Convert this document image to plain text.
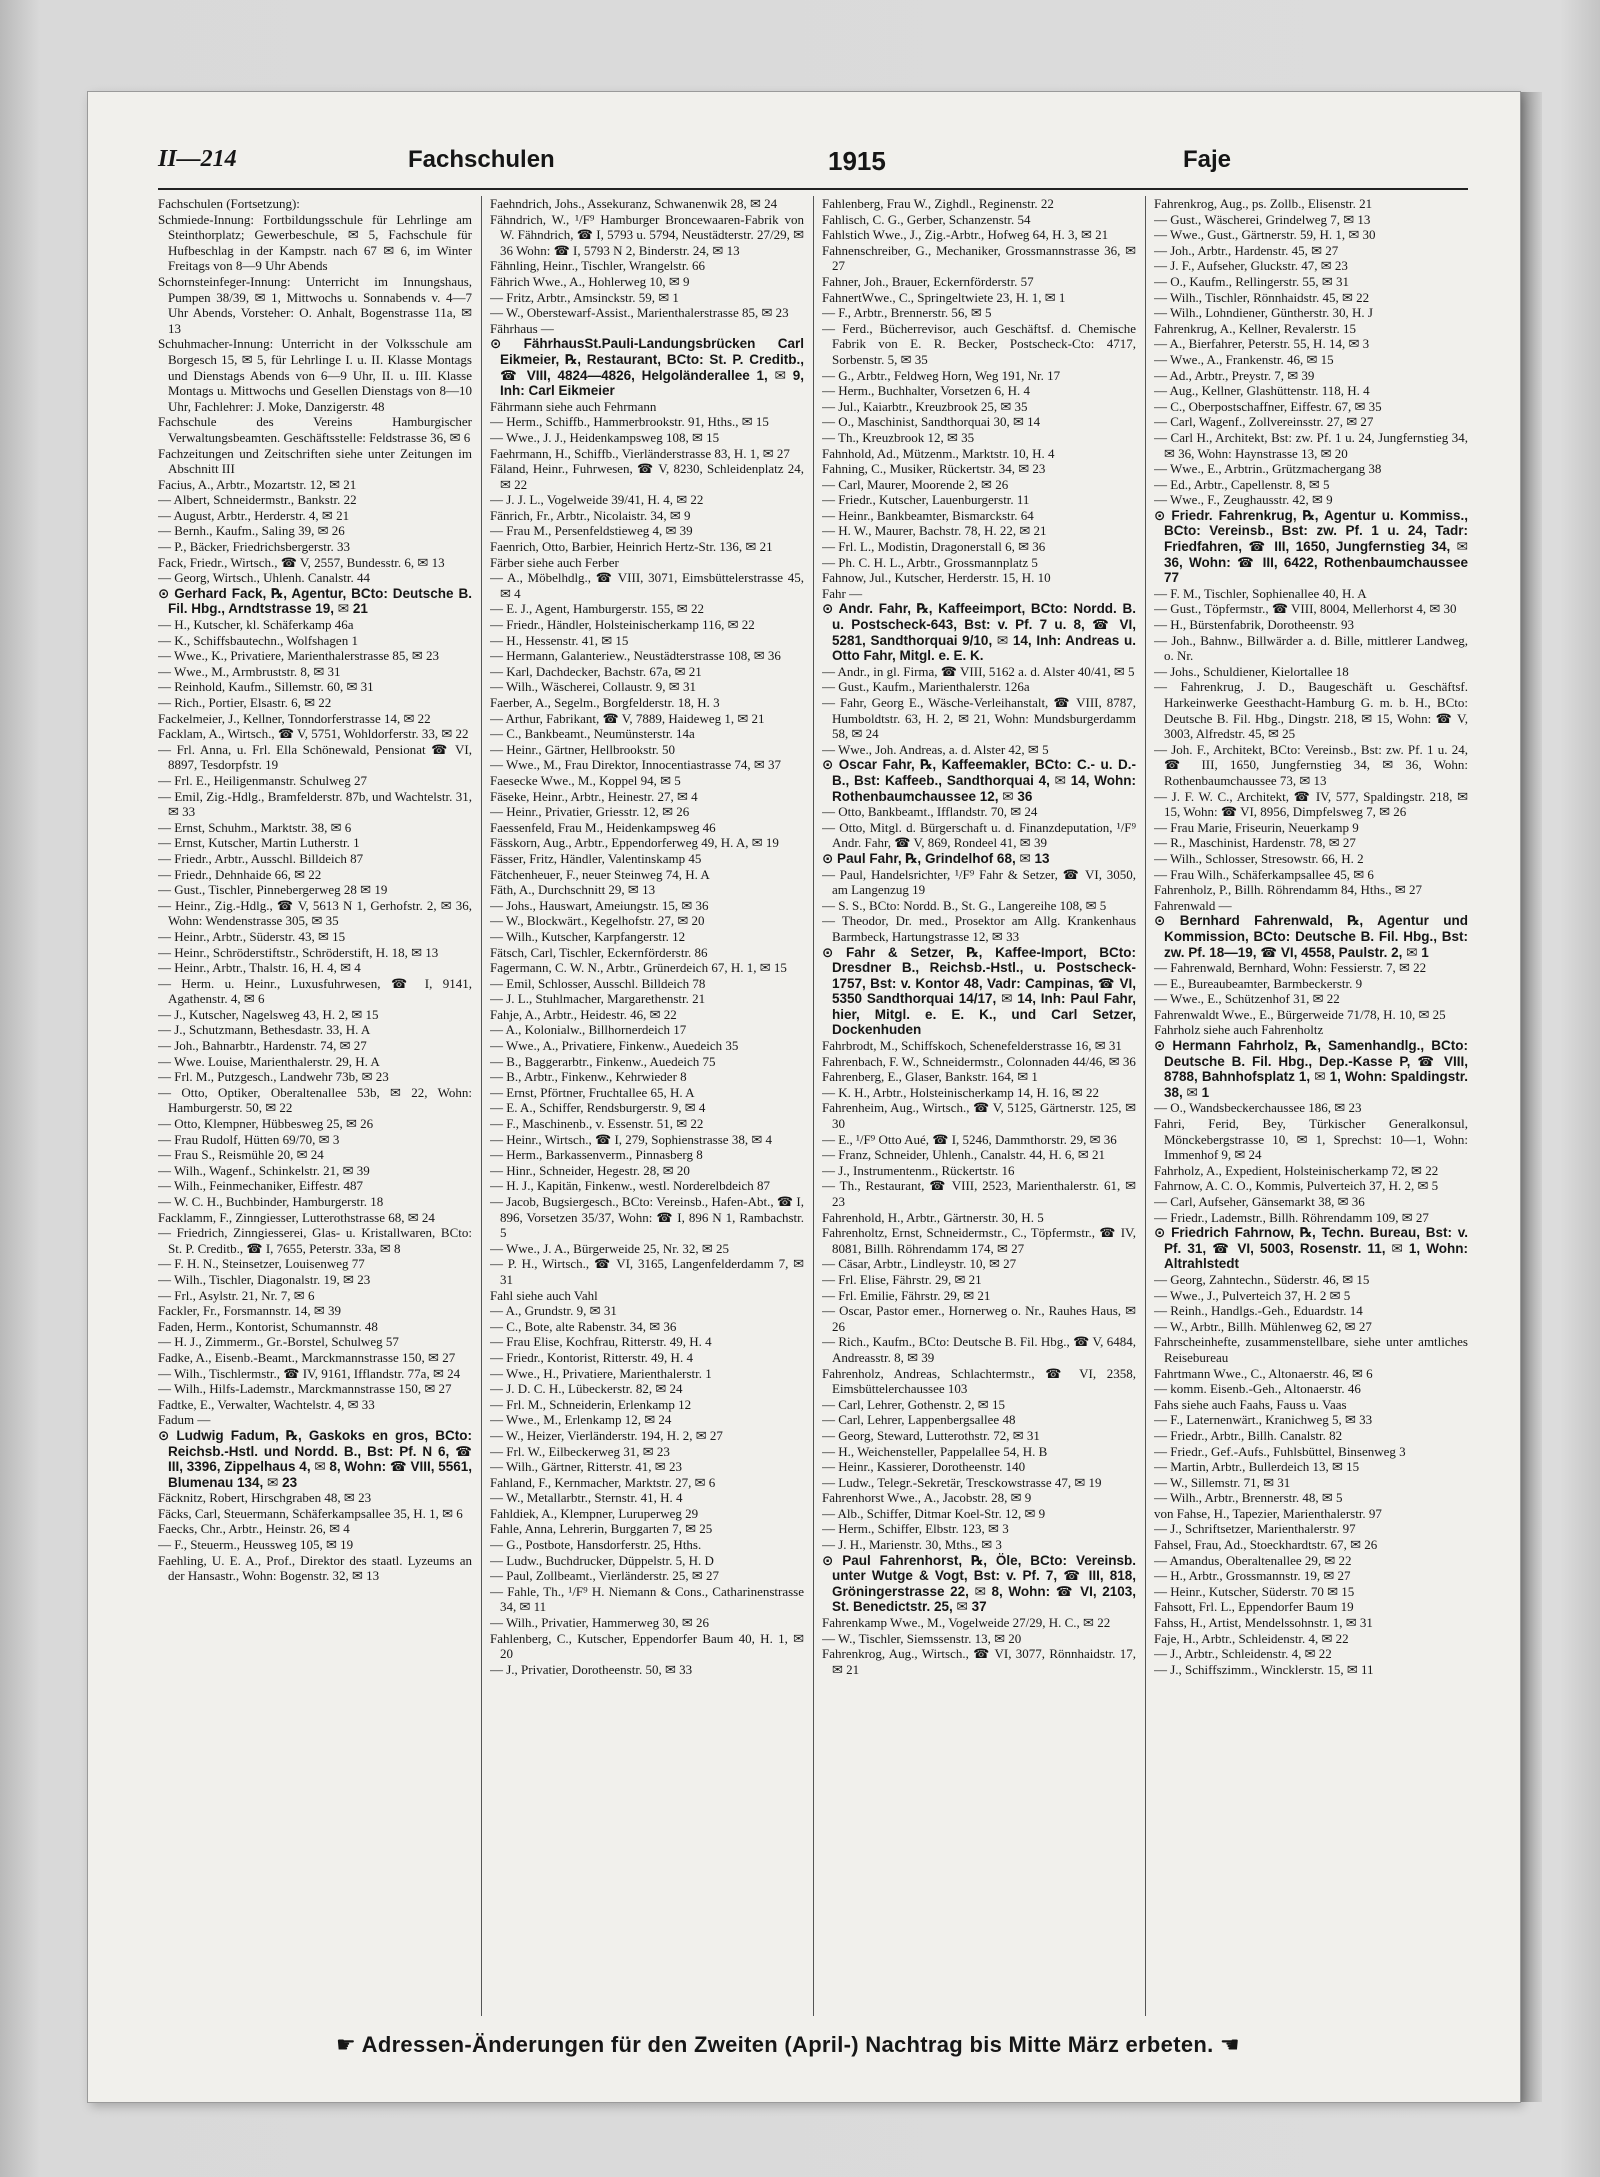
II—214	Fachschulen	1915	Faje

Fachschulen (Fortsetzung):

Schmiede-Innung: Fortbildungsschule für Lehrlinge am Steinthorplatz; Gewerbeschule, ✉ 5, Fachschule für Hufbeschlag in der Kampstr. nach 67 ✉ 6, im Winter Freitags von 8—9 Uhr Abends

Schornsteinfeger-Innung: Unterricht im Innungshaus, Pumpen 38/39, ✉ 1, Mittwochs u. Sonnabends v. 4—7 Uhr Abends, Vorsteher: O. Anhalt, Bogenstrasse 11a, ✉ 13

Schuhmacher-Innung: Unterricht in der Volksschule am Borgesch 15, ✉ 5, für Lehrlinge I. u. II. Klasse Montags und Dienstags Abends von 6—9 Uhr, II. u. III. Klasse Montags u. Mittwochs und Gesellen Dienstags von 8—10 Uhr, Fachlehrer: J. Moke, Danzigerstr. 48

Fachschule des Vereins Hamburgischer Verwaltungsbeamten. Geschäftsstelle: Feldstrasse 36, ✉ 6

Fachzeitungen und Zeitschriften siehe unter Zeitungen im Abschnitt III

Facius, A., Arbtr., Mozartstr. 12, ✉ 21

— Albert, Schneidermstr., Bankstr. 22

— August, Arbtr., Herderstr. 4, ✉ 21

— Bernh., Kaufm., Saling 39, ✉ 26

— P., Bäcker, Friedrichsbergerstr. 33

Fack, Friedr., Wirtsch., ☎ V, 2557, Bundesstr. 6, ✉ 13

— Georg, Wirtsch., Uhlenh. Canalstr. 44

⊙ Gerhard Fack, ℞, Agentur, BCto: Deutsche B. Fil. Hbg., Arndtstrasse 19, ✉ 21

— H., Kutscher, kl. Schäferkamp 46a

— K., Schiffsbautechn., Wolfshagen 1

— Wwe., K., Privatiere, Marienthalerstrasse 85, ✉ 23

— Wwe., M., Armbruststr. 8, ✉ 31

— Reinhold, Kaufm., Sillemstr. 60, ✉ 31

— Rich., Portier, Elsastr. 6, ✉ 22

Fackelmeier, J., Kellner, Tonndorferstrasse 14, ✉ 22

Facklam, A., Wirtsch., ☎ V, 5751, Wohldorferstr. 33, ✉ 22

— Frl. Anna, u. Frl. Ella Schönewald, Pensionat ☎ VI, 8897, Tesdorpfstr. 19

— Frl. E., Heiligenmanstr. Schulweg 27

— Emil, Zig.-Hdlg., Bramfelderstr. 87b, und Wachtelstr. 31, ✉ 33

— Ernst, Schuhm., Marktstr. 38, ✉ 6

— Ernst, Kutscher, Martin Lutherstr. 1

— Friedr., Arbtr., Ausschl. Billdeich 87

— Friedr., Dehnhaide 66, ✉ 22

— Gust., Tischler, Pinnebergerweg 28 ✉ 19

— Heinr., Zig.-Hdlg., ☎ V, 5613 N 1, Gerhofstr. 2, ✉ 36, Wohn: Wendenstrasse 305, ✉ 35

— Heinr., Arbtr., Süderstr. 43, ✉ 15

— Heinr., Schröderstiftstr., Schröderstift, H. 18, ✉ 13

— Heinr., Arbtr., Thalstr. 16, H. 4, ✉ 4

— Herm. u. Heinr., Luxusfuhrwesen, ☎ I, 9141, Agathenstr. 4, ✉ 6

— J., Kutscher, Nagelsweg 43, H. 2, ✉ 15

— J., Schutzmann, Bethesdastr. 33, H. A

— Joh., Bahnarbtr., Hardenstr. 74, ✉ 27

— Wwe. Louise, Marienthalerstr. 29, H. A

— Frl. M., Putzgesch., Landwehr 73b, ✉ 23

— Otto, Optiker, Oberaltenallee 53b, ✉ 22, Wohn: Hamburgerstr. 50, ✉ 22

— Otto, Klempner, Hübbesweg 25, ✉ 26

— Frau Rudolf, Hütten 69/70, ✉ 3

— Frau S., Reismühle 20, ✉ 24

— Wilh., Wagenf., Schinkelstr. 21, ✉ 39

— Wilh., Feinmechaniker, Eiffestr. 487

— W. C. H., Buchbinder, Hamburgerstr. 18

Facklamm, F., Zinngiesser, Lutterothstrasse 68, ✉ 24

— Friedrich, Zinngiesserei, Glas- u. Kristallwaren, BCto: St. P. Creditb., ☎ I, 7655, Peterstr. 33a, ✉ 8

— F. H. N., Steinsetzer, Louisenweg 77

— Wilh., Tischler, Diagonalstr. 19, ✉ 23

— Frl., Asylstr. 21, Nr. 7, ✉ 6

Fackler, Fr., Forsmannstr. 14, ✉ 39

Faden, Herm., Kontorist, Schumannstr. 48

— H. J., Zimmerm., Gr.-Borstel, Schulweg 57

Fadke, A., Eisenb.-Beamt., Marckmannstrasse 150, ✉ 27

— Wilh., Tischlermstr., ☎ IV, 9161, Ifflandstr. 77a, ✉ 24

— Wilh., Hilfs-Lademstr., Marckmannstrasse 150, ✉ 27

Fadtke, E., Verwalter, Wachtelstr. 4, ✉ 33

Fadum —

⊙ Ludwig Fadum, ℞, Gaskoks en gros, BCto: Reichsb.-Hstl. und Nordd. B., Bst: Pf. N 6, ☎ III, 3396, Zippelhaus 4, ✉ 8, Wohn: ☎ VIII, 5561, Blumenau 134, ✉ 23

Fäcknitz, Robert, Hirschgraben 48, ✉ 23

Fäcks, Carl, Steuermann, Schäferkampsallee 35, H. 1, ✉ 6

Faecks, Chr., Arbtr., Heinstr. 26, ✉ 4

— F., Steuerm., Heussweg 105, ✉ 19

Faehling, U. E. A., Prof., Direktor des staatl. Lyzeums an der Hansastr., Wohn: Bogenstr. 32, ✉ 13

Faehndrich, Johs., Assekuranz, Schwanenwik 28, ✉ 24

Fähndrich, W., ¹/F⁹ Hamburger Broncewaaren-Fabrik von W. Fähndrich, ☎ I, 5793 u. 5794, Neustädterstr. 27/29, ✉ 36 Wohn: ☎ I, 5793 N 2, Binderstr. 24, ✉ 13

Fähnling, Heinr., Tischler, Wrangelstr. 66

Fährich Wwe., A., Hohlerweg 10, ✉ 9

— Fritz, Arbtr., Amsinckstr. 59, ✉ 1

— W., Oberstewarf-Assist., Marienthalerstrasse 85, ✉ 23

Fährhaus —

⊙ FährhausSt.Pauli-Landungsbrücken Carl Eikmeier, ℞, Restaurant, BCto: St. P. Creditb., ☎ VIII, 4824—4826, Helgoländerallee 1, ✉ 9, Inh: Carl Eikmeier

Fährmann siehe auch Fehrmann

— Herm., Schiffb., Hammerbrookstr. 91, Hths., ✉ 15

— Wwe., J. J., Heidenkampsweg 108, ✉ 15

Faehrmann, H., Schiffb., Vierländerstrasse 83, H. 1, ✉ 27

Fäland, Heinr., Fuhrwesen, ☎ V, 8230, Schleidenplatz 24, ✉ 22

— J. J. L., Vogelweide 39/41, H. 4, ✉ 22

Fänrich, Fr., Arbtr., Nicolaistr. 34, ✉ 9

— Frau M., Persenfeldstieweg 4, ✉ 39

Faenrich, Otto, Barbier, Heinrich Hertz-Str. 136, ✉ 21

Färber siehe auch Ferber

— A., Möbelhdlg., ☎ VIII, 3071, Eimsbüttelerstrasse 45, ✉ 4

— E. J., Agent, Hamburgerstr. 155, ✉ 22

— Friedr., Händler, Holsteinischerkamp 116, ✉ 22

— H., Hessenstr. 41, ✉ 15

— Hermann, Galanteriew., Neustädterstrasse 108, ✉ 36

— Karl, Dachdecker, Bachstr. 67a, ✉ 21

— Wilh., Wäscherei, Collaustr. 9, ✉ 31

Faerber, A., Segelm., Borgfelderstr. 18, H. 3

— Arthur, Fabrikant, ☎ V, 7889, Haideweg 1, ✉ 21

— C., Bankbeamt., Neumünsterstr. 14a

— Heinr., Gärtner, Hellbrookstr. 50

— Wwe., M., Frau Direktor, Innocentiastrasse 74, ✉ 37

Faesecke Wwe., M., Koppel 94, ✉ 5

Fäseke, Heinr., Arbtr., Heinestr. 27, ✉ 4

— Heinr., Privatier, Griesstr. 12, ✉ 26

Faessenfeld, Frau M., Heidenkampsweg 46

Fässkorn, Aug., Arbtr., Eppendorferweg 49, H. A, ✉ 19

Fässer, Fritz, Händler, Valentinskamp 45

Fätchenheuer, F., neuer Steinweg 74, H. A

Fäth, A., Durchschnitt 29, ✉ 13

— Johs., Hauswart, Ameiungstr. 15, ✉ 36

— W., Blockwärt., Kegelhofstr. 27, ✉ 20

— Wilh., Kutscher, Karpfangerstr. 12

Fätsch, Carl, Tischler, Eckernförderstr. 86

Fagermann, C. W. N., Arbtr., Grünerdeich 67, H. 1, ✉ 15

— Emil, Schlosser, Ausschl. Billdeich 78

— J. L., Stuhlmacher, Margarethenstr. 21

Fahje, A., Arbtr., Heidestr. 46, ✉ 22

— A., Kolonialw., Billhornerdeich 17

— Wwe., A., Privatiere, Finkenw., Auedeich 35

— B., Baggerarbtr., Finkenw., Auedeich 75

— B., Arbtr., Finkenw., Kehrwieder 8

— Ernst, Pförtner, Fruchtallee 65, H. A

— E. A., Schiffer, Rendsburgerstr. 9, ✉ 4

— F., Maschinenb., v. Essenstr. 51, ✉ 22

— Heinr., Wirtsch., ☎ I, 279, Sophienstrasse 38, ✉ 4

— Herm., Barkassenverm., Pinnasberg 8

— Hinr., Schneider, Hegestr. 28, ✉ 20

— H. J., Kapitän, Finkenw., westl. Norderelbdeich 87

— Jacob, Bugsiergesch., BCto: Vereinsb., Hafen-Abt., ☎ I, 896, Vorsetzen 35/37, Wohn: ☎ I, 896 N 1, Rambachstr. 5

— Wwe., J. A., Bürgerweide 25, Nr. 32, ✉ 25

— P. H., Wirtsch., ☎ VI, 3165, Langenfelderdamm 7, ✉ 31

Fahl siehe auch Vahl

— A., Grundstr. 9, ✉ 31

— C., Bote, alte Rabenstr. 34, ✉ 36

— Frau Elise, Kochfrau, Ritterstr. 49, H. 4

— Friedr., Kontorist, Ritterstr. 49, H. 4

— Wwe., H., Privatiere, Marienthalerstr. 1

— J. D. C. H., Lübeckerstr. 82, ✉ 24

— Frl. M., Schneiderin, Erlenkamp 12

— Wwe., M., Erlenkamp 12, ✉ 24

— W., Heizer, Vierländerstr. 194, H. 2, ✉ 27

— Frl. W., Eilbeckerweg 31, ✉ 23

— Wilh., Gärtner, Ritterstr. 41, ✉ 23

Fahland, F., Kernmacher, Marktstr. 27, ✉ 6

— W., Metallarbtr., Sternstr. 41, H. 4

Fahldiek, A., Klempner, Luruperweg 29

Fahle, Anna, Lehrerin, Burggarten 7, ✉ 25

— G., Postbote, Hansdorferstr. 25, Hths.

— Ludw., Buchdrucker, Düppelstr. 5, H. D

— Paul, Zollbeamt., Vierländerstr. 25, ✉ 27

— Fahle, Th., ¹/F⁹ H. Niemann & Cons., Catharinenstrasse 34, ✉ 11

— Wilh., Privatier, Hammerweg 30, ✉ 26

Fahlenberg, C., Kutscher, Eppendorfer Baum 40, H. 1, ✉ 20

— J., Privatier, Dorotheenstr. 50, ✉ 33

Fahlenberg, Frau W., Zighdl., Reginenstr. 22

Fahlisch, C. G., Gerber, Schanzenstr. 54

Fahlstich Wwe., J., Zig.-Arbtr., Hofweg 64, H. 3, ✉ 21

Fahnenschreiber, G., Mechaniker, Grossmannstrasse 36, ✉ 27

Fahner, Joh., Brauer, Eckernförderstr. 57

FahnertWwe., C., Springeltwiete 23, H. 1, ✉ 1

— F., Arbtr., Brennerstr. 56, ✉ 5

— Ferd., Bücherrevisor, auch Geschäftsf. d. Chemische Fabrik von E. R. Becker, Postscheck-Cto: 4717, Sorbenstr. 5, ✉ 35

— G., Arbtr., Feldweg Horn, Weg 191, Nr. 17

— Herm., Buchhalter, Vorsetzen 6, H. 4

— Jul., Kaiarbtr., Kreuzbrook 25, ✉ 35

— O., Maschinist, Sandthorquai 30, ✉ 14

— Th., Kreuzbrook 12, ✉ 35

Fahnhold, Ad., Mützenm., Marktstr. 10, H. 4

Fahning, C., Musiker, Rückertstr. 34, ✉ 23

— Carl, Maurer, Moorende 2, ✉ 26

— Friedr., Kutscher, Lauenburgerstr. 11

— Heinr., Bankbeamter, Bismarckstr. 64

— H. W., Maurer, Bachstr. 78, H. 22, ✉ 21

— Frl. L., Modistin, Dragonerstall 6, ✉ 36

— Ph. C. H. L., Arbtr., Grossmannplatz 5

Fahnow, Jul., Kutscher, Herderstr. 15, H. 10

Fahr —

⊙ Andr. Fahr, ℞, Kaffeeimport, BCto: Nordd. B. u. Postscheck-643, Bst: v. Pf. 7 u. 8, ☎ VI, 5281, Sandthorquai 9/10, ✉ 14, Inh: Andreas u. Otto Fahr, Mitgl. e. E. K.

— Andr., in gl. Firma, ☎ VIII, 5162 a. d. Alster 40/41, ✉ 5

— Gust., Kaufm., Marienthalerstr. 126a

— Fahr, Georg E., Wäsche-Verleihanstalt, ☎ VIII, 8787, Humboldtstr. 63, H. 2, ✉ 21, Wohn: Mundsburgerdamm 58, ✉ 24

— Wwe., Joh. Andreas, a. d. Alster 42, ✉ 5

⊙ Oscar Fahr, ℞, Kaffeemakler, BCto: C.- u. D.-B., Bst: Kaffeeb., Sandthorquai 4, ✉ 14, Wohn: Rothenbaumchaussee 12, ✉ 36

— Otto, Bankbeamt., Ifflandstr. 70, ✉ 24

— Otto, Mitgl. d. Bürgerschaft u. d. Finanzdeputation, ¹/F⁹ Andr. Fahr, ☎ V, 869, Rondeel 41, ✉ 39

⊙ Paul Fahr, ℞, Grindelhof 68, ✉ 13

— Paul, Handelsrichter, ¹/F⁹ Fahr & Setzer, ☎ VI, 3050, am Langenzug 19

— S. S., BCto: Nordd. B., St. G., Langereihe 108, ✉ 5

— Theodor, Dr. med., Prosektor am Allg. Krankenhaus Barmbeck, Hartungstrasse 12, ✉ 33

⊙ Fahr & Setzer, ℞, Kaffee-Import, BCto: Dresdner B., Reichsb.-Hstl., u. Postscheck- 1757, Bst: v. Kontor 48, Vadr: Campinas, ☎ VI, 5350 Sandthorquai 14/17, ✉ 14, Inh: Paul Fahr, hier, Mitgl. e. E. K., und Carl Setzer, Dockenhuden

Fahrbrodt, M., Schiffskoch, Schenefelderstrasse 16, ✉ 31

Fahrenbach, F. W., Schneidermstr., Colonnaden 44/46, ✉ 36

Fahrenberg, E., Glaser, Bankstr. 164, ✉ 1

— K. H., Arbtr., Holsteinischerkamp 14, H. 16, ✉ 22

Fahrenheim, Aug., Wirtsch., ☎ V, 5125, Gärtnerstr. 125, ✉ 30

— E., ¹/F⁹ Otto Aué, ☎ I, 5246, Dammthorstr. 29, ✉ 36

— Franz, Schneider, Uhlenh., Canalstr. 44, H. 6, ✉ 21

— J., Instrumentenm., Rückertstr. 16

— Th., Restaurant, ☎ VIII, 2523, Marienthalerstr. 61, ✉ 23

Fahrenhold, H., Arbtr., Gärtnerstr. 30, H. 5

Fahrenholtz, Ernst, Schneidermstr., C., Töpfermstr., ☎ IV, 8081, Billh. Röhrendamm 174, ✉ 27

— Cäsar, Arbtr., Lindleystr. 10, ✉ 27

— Frl. Elise, Fährstr. 29, ✉ 21

— Frl. Emilie, Fährstr. 29, ✉ 21

— Oscar, Pastor emer., Hornerweg o. Nr., Rauhes Haus, ✉ 26

— Rich., Kaufm., BCto: Deutsche B. Fil. Hbg., ☎ V, 6484, Andreasstr. 8, ✉ 39

Fahrenholz, Andreas, Schlachtermstr., ☎ VI, 2358, Eimsbüttelerchaussee 103

— Carl, Lehrer, Gothenstr. 2, ✉ 15

— Carl, Lehrer, Lappenbergsallee 48

— Georg, Steward, Lutterothstr. 72, ✉ 31

— H., Weichensteller, Pappelallee 54, H. B

— Heinr., Kassierer, Dorotheenstr. 140

— Ludw., Telegr.-Sekretär, Tresckowstrasse 47, ✉ 19

Fahrenhorst Wwe., A., Jacobstr. 28, ✉ 9

— Alb., Schiffer, Ditmar Koel-Str. 12, ✉ 9

— Herm., Schiffer, Elbstr. 123, ✉ 3

— J. H., Marienstr. 30, Mths., ✉ 3

⊙ Paul Fahrenhorst, ℞, Öle, BCto: Vereinsb. unter Wutge & Vogt, Bst: v. Pf. 7, ☎ III, 818, Gröningerstrasse 22, ✉ 8, Wohn: ☎ VI, 2103, St. Benedictstr. 25, ✉ 37

Fahrenkamp Wwe., M., Vogelweide 27/29, H. C., ✉ 22

— W., Tischler, Siemssenstr. 13, ✉ 20

Fahrenkrog, Aug., Wirtsch., ☎ VI, 3077, Rönnhaidstr. 17, ✉ 21

Fahrenkrog, Aug., ps. Zollb., Elisenstr. 21

— Gust., Wäscherei, Grindelweg 7, ✉ 13

— Wwe., Gust., Gärtnerstr. 59, H. 1, ✉ 30

— Joh., Arbtr., Hardenstr. 45, ✉ 27

— J. F., Aufseher, Gluckstr. 47, ✉ 23

— O., Kaufm., Rellingerstr. 55, ✉ 31

— Wilh., Tischler, Rönnhaidstr. 45, ✉ 22

— Wilh., Lohndiener, Güntherstr. 30, H. J

Fahrenkrug, A., Kellner, Revalerstr. 15

— A., Bierfahrer, Peterstr. 55, H. 14, ✉ 3

— Wwe., A., Frankenstr. 46, ✉ 15

— Ad., Arbtr., Preystr. 7, ✉ 39

— Aug., Kellner, Glashüttenstr. 118, H. 4

— C., Oberpostschaffner, Eiffestr. 67, ✉ 35

— Carl, Wagenf., Zollvereinsstr. 27, ✉ 27

— Carl H., Architekt, Bst: zw. Pf. 1 u. 24, Jungfernstieg 34, ✉ 36, Wohn: Haynstrasse 13, ✉ 20

— Wwe., E., Arbtrin., Grützmachergang 38

— Ed., Arbtr., Capellenstr. 8, ✉ 5

— Wwe., F., Zeughausstr. 42, ✉ 9

⊙ Friedr. Fahrenkrug, ℞, Agentur u. Kommiss., BCto: Vereinsb., Bst: zw. Pf. 1 u. 24, Tadr: Friedfahren, ☎ III, 1650, Jungfernstieg 34, ✉ 36, Wohn: ☎ III, 6422, Rothenbaumchaussee 77

— F. M., Tischler, Sophienallee 40, H. A

— Gust., Töpfermstr., ☎ VIII, 8004, Mellerhorst 4, ✉ 30

— H., Bürstenfabrik, Dorotheenstr. 93

— Joh., Bahnw., Billwärder a. d. Bille, mittlerer Landweg, o. Nr.

— Johs., Schuldiener, Kielortallee 18

— Fahrenkrug, J. D., Baugeschäft u. Geschäftsf. Harkeinwerke Geesthacht-Hamburg G. m. b. H., BCto: Deutsche B. Fil. Hbg., Dingstr. 218, ✉ 15, Wohn: ☎ V, 3003, Alfredstr. 45, ✉ 25

— Joh. F., Architekt, BCto: Vereinsb., Bst: zw. Pf. 1 u. 24, ☎ III, 1650, Jungfernstieg 34, ✉ 36, Wohn: Rothenbaumchaussee 73, ✉ 13

— J. F. W. C., Architekt, ☎ IV, 577, Spaldingstr. 218, ✉ 15, Wohn: ☎ VI, 8956, Dimpfelsweg 7, ✉ 26

— Frau Marie, Friseurin, Neuerkamp 9

— R., Maschinist, Hardenstr. 78, ✉ 27

— Wilh., Schlosser, Stresowstr. 66, H. 2

— Frau Wilh., Schäferkampsallee 45, ✉ 6

Fahrenholz, P., Billh. Röhrendamm 84, Hths., ✉ 27

Fahrenwald —

⊙ Bernhard Fahrenwald, ℞, Agentur und Kommission, BCto: Deutsche B. Fil. Hbg., Bst: zw. Pf. 18—19, ☎ VI, 4558, Paulstr. 2, ✉ 1

— Fahrenwald, Bernhard, Wohn: Fessierstr. 7, ✉ 22

— E., Bureaubeamter, Barmbeckerstr. 9

— Wwe., E., Schützenhof 31, ✉ 22

Fahrenwaldt Wwe., E., Bürgerweide 71/78, H. 10, ✉ 25

Fahrholz siehe auch Fahrenholtz

⊙ Hermann Fahrholz, ℞, Samenhandlg., BCto: Deutsche B. Fil. Hbg., Dep.-Kasse P, ☎ VIII, 8788, Bahnhofsplatz 1, ✉ 1, Wohn: Spaldingstr. 38, ✉ 1

— O., Wandsbeckerchaussee 186, ✉ 23

Fahri, Ferid, Bey, Türkischer Generalkonsul, Mönckebergstrasse 10, ✉ 1, Sprechst: 10—1, Wohn: Immenhof 9, ✉ 24

Fahrholz, A., Expedient, Holsteinischerkamp 72, ✉ 22

Fahrnow, A. C. O., Kommis, Pulverteich 37, H. 2, ✉ 5

— Carl, Aufseher, Gänsemarkt 38, ✉ 36

— Friedr., Lademstr., Billh. Röhrendamm 109, ✉ 27

⊙ Friedrich Fahrnow, ℞, Techn. Bureau, Bst: v. Pf. 31, ☎ VI, 5003, Rosenstr. 11, ✉ 1, Wohn: Altrahlstedt

— Georg, Zahntechn., Süderstr. 46, ✉ 15

— Wwe., J., Pulverteich 37, H. 2 ✉ 5

— Reinh., Handlgs.-Geh., Eduardstr. 14

— W., Arbtr., Billh. Mühlenweg 62, ✉ 27

Fahrscheinhefte, zusammenstellbare, siehe unter amtliches Reisebureau

Fahrtmann Wwe., C., Altonaerstr. 46, ✉ 6

— komm. Eisenb.-Geh., Altonaerstr. 46

Fahs siehe auch Faahs, Fauss u. Vaas

— F., Laternenwärt., Kranichweg 5, ✉ 33

— Friedr., Arbtr., Billh. Canalstr. 82

— Friedr., Gef.-Aufs., Fuhlsbüttel, Binsenweg 3

— Martin, Arbtr., Bullerdeich 13, ✉ 15

— W., Sillemstr. 71, ✉ 31

— Wilh., Arbtr., Brennerstr. 48, ✉ 5

von Fahse, H., Tapezier, Marienthalerstr. 97

— J., Schriftsetzer, Marienthalerstr. 97

Fahsel, Frau, Ad., Stoeckhardtstr. 67, ✉ 26

— Amandus, Oberaltenallee 29, ✉ 22

— H., Arbtr., Grossmannstr. 19, ✉ 27

— Heinr., Kutscher, Süderstr. 70 ✉ 15

Fahsott, Frl. L., Eppendorfer Baum 19

Fahss, H., Artist, Mendelssohnstr. 1, ✉ 31

Faje, H., Arbtr., Schleidenstr. 4, ✉ 22

— J., Arbtr., Schleidenstr. 4, ✉ 22

— J., Schiffszimm., Wincklerstr. 15, ✉ 11

☛ Adressen-Änderungen für den Zweiten (April-) Nachtrag bis Mitte März erbeten. ☚
